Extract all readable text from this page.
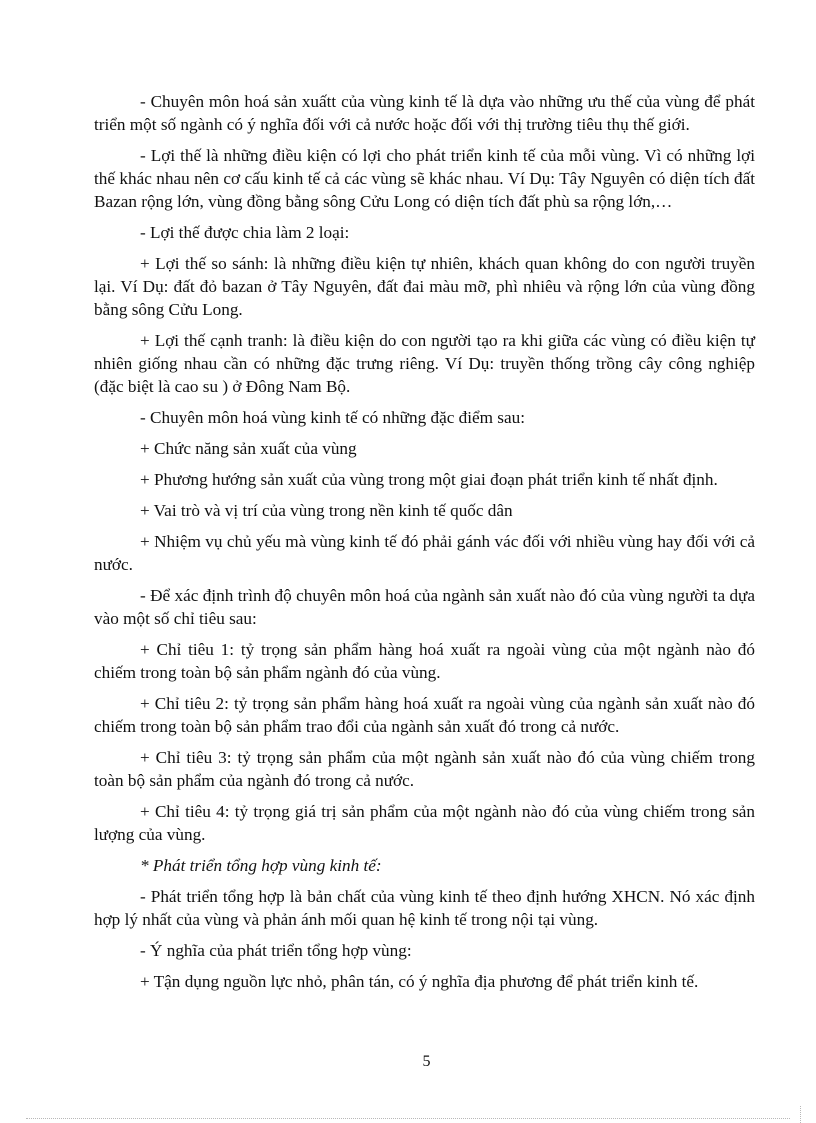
- Chuyên môn hoá sản xuấtt của vùng kinh tế là dựa vào những ưu thế của vùng để phát triển một số ngành có ý nghĩa đối với cả nước hoặc đối với thị trường tiêu thụ thế giới.

- Lợi thế là những điều kiện có lợi cho phát triển kinh tế của mỗi vùng. Vì có những lợi thế khác nhau nên cơ cấu kinh tế cả các vùng sẽ khác nhau. Ví Dụ: Tây Nguyên có diện tích đất Bazan rộng lớn, vùng đồng bằng sông Cửu Long có diện tích đất phù sa rộng lớn,…

- Lợi thế được chia làm 2 loại:

+ Lợi thế so sánh: là những điều kiện tự nhiên, khách quan không do con người truyền lại. Ví Dụ: đất đỏ bazan ở Tây Nguyên, đất đai màu mỡ, phì nhiêu và rộng lớn của vùng đồng bằng sông Cửu Long.

+ Lợi thế cạnh tranh: là điều kiện do con người tạo ra khi giữa các vùng có điều kiện tự nhiên giống nhau cần có những đặc trưng riêng. Ví Dụ: truyền thống trồng cây công nghiệp (đặc biệt là cao su ) ở Đông Nam Bộ.

- Chuyên môn hoá vùng kinh tế có những đặc điểm sau:

+ Chức năng sản xuất của vùng

+ Phương hướng sản xuất của vùng trong một giai đoạn phát triển kinh tế nhất định.

+ Vai trò và vị trí của vùng trong nền kinh tế quốc dân

+ Nhiệm vụ chủ yếu mà vùng kinh tế đó phải gánh vác đối với nhiều vùng hay đối với cả nước.

- Để xác định trình độ chuyên môn hoá của ngành sản xuất nào đó của vùng người ta dựa vào một số chỉ tiêu sau:

+ Chỉ tiêu 1: tỷ trọng sản phẩm hàng hoá xuất ra ngoài vùng của một ngành nào đó chiếm trong toàn bộ sản phẩm ngành đó của vùng.

+ Chỉ tiêu 2: tỷ trọng sản phẩm hàng hoá xuất ra ngoài vùng của ngành sản xuất nào đó chiếm trong toàn bộ sản phẩm trao đổi của ngành sản xuất đó trong cả nước.

+ Chỉ tiêu 3: tỷ trọng sản phẩm của một ngành sản xuất nào đó của vùng chiếm trong toàn bộ sản phẩm của ngành đó trong cả nước.

+ Chỉ tiêu 4: tỷ trọng giá trị sản phẩm của một ngành nào đó của vùng chiếm trong sản lượng của vùng.

* Phát triển tổng hợp vùng kinh tế:

- Phát triển tổng hợp là bản chất của vùng kinh tế theo định hướng XHCN. Nó xác định hợp lý nhất của vùng và phản ánh mối quan hệ kinh tế trong nội tại vùng.

- Ý nghĩa của phát triển tổng hợp vùng:

+ Tận dụng nguồn lực nhỏ, phân tán, có ý nghĩa địa phương để phát triển kinh tế.

5
